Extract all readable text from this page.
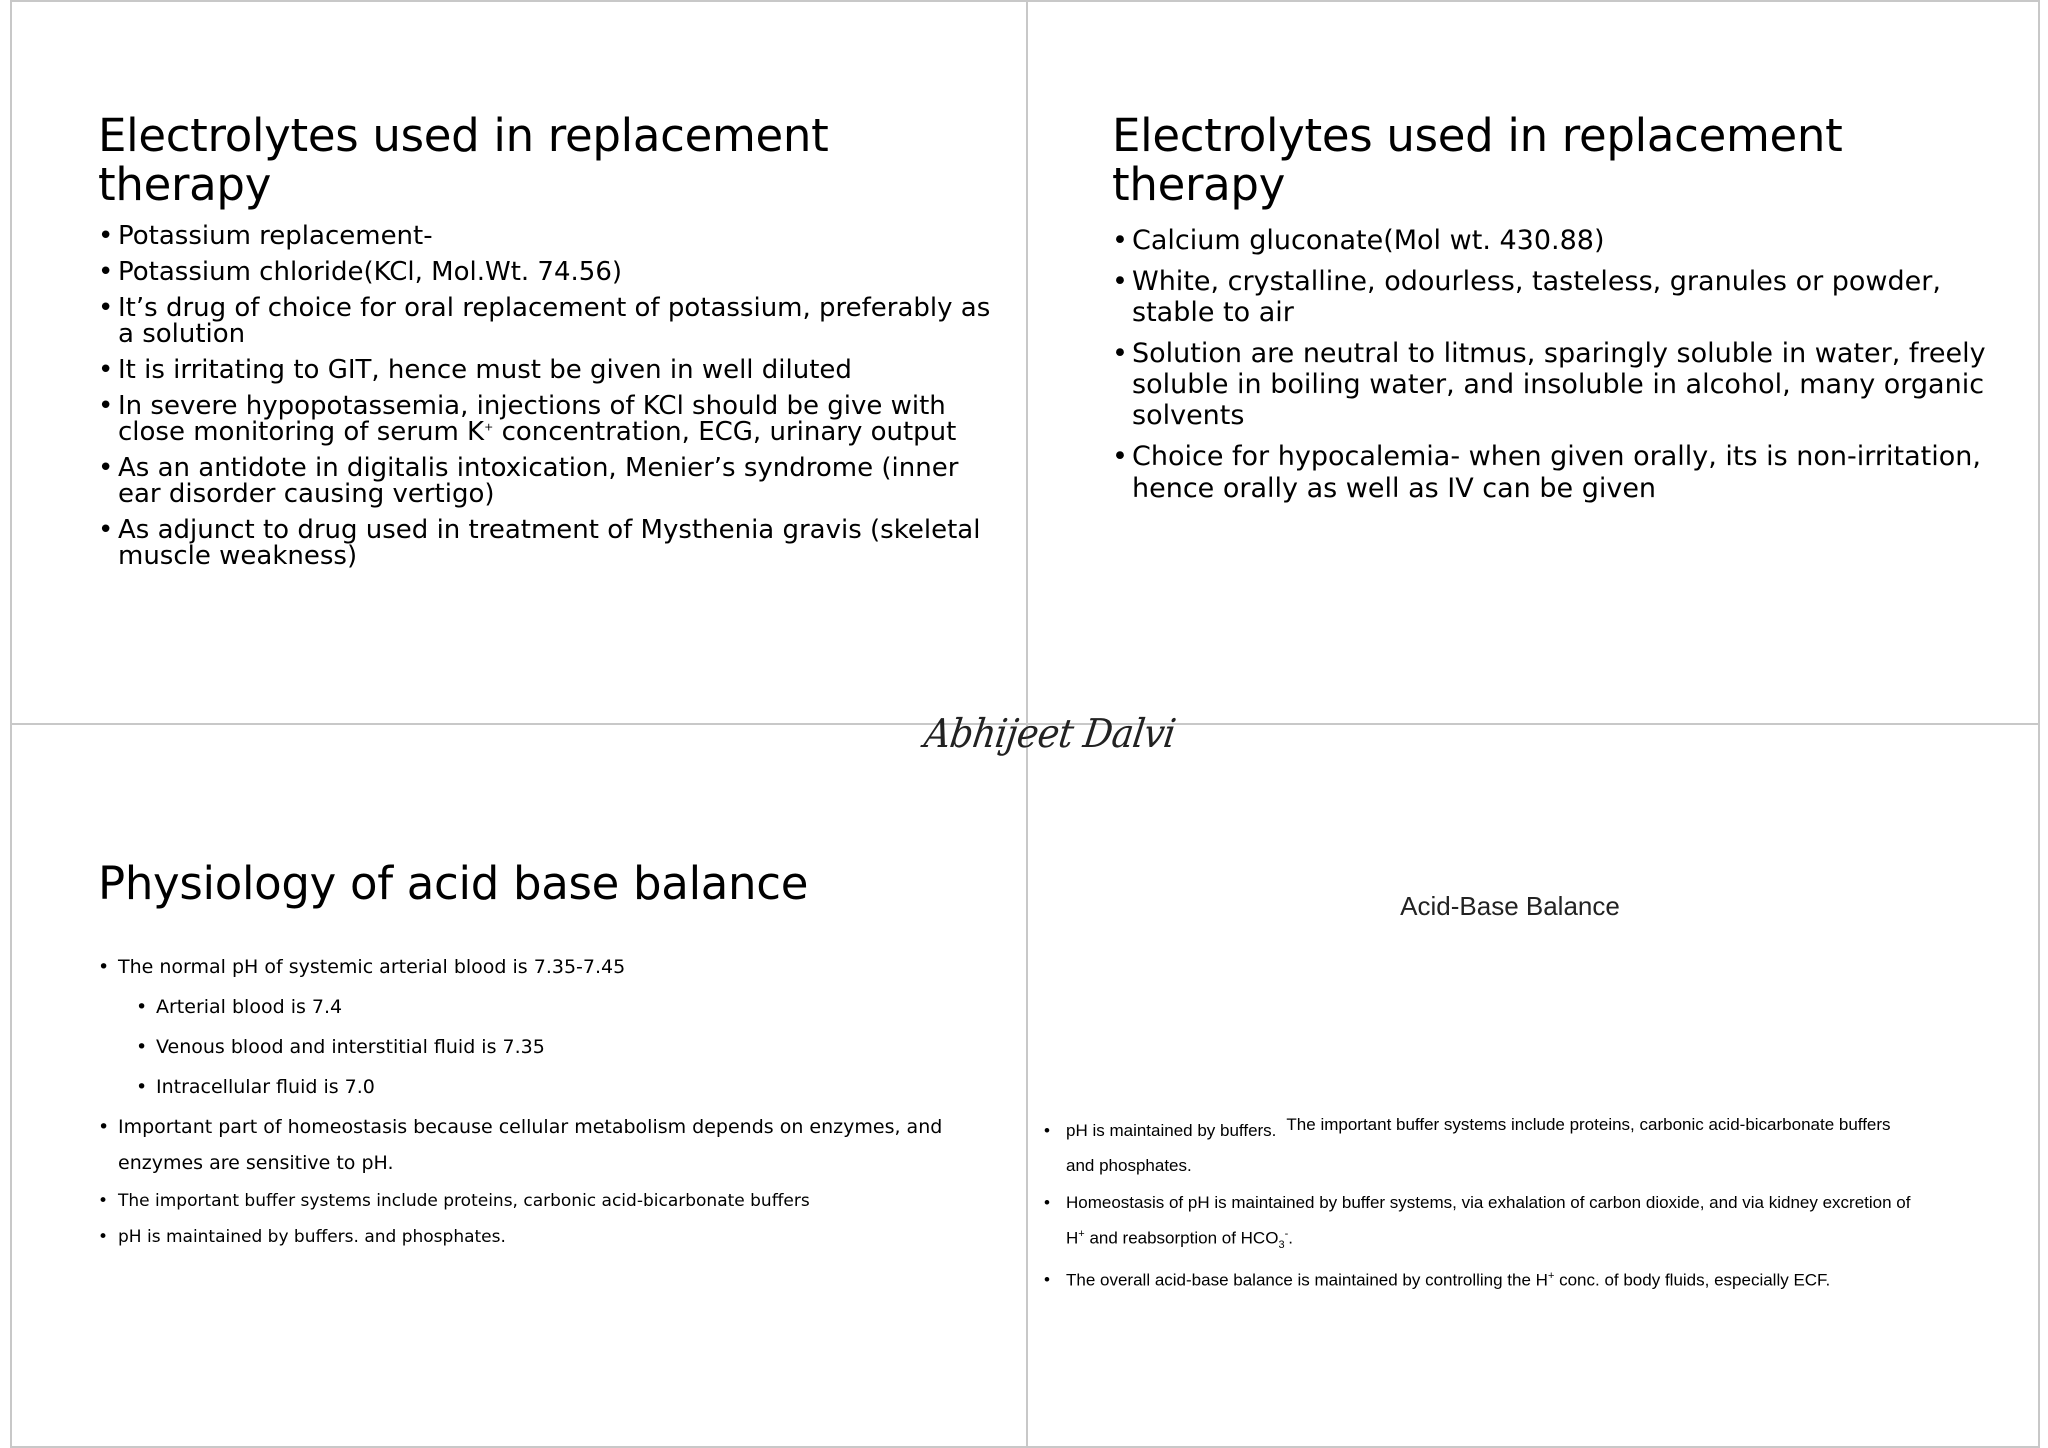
Electrolytes used in replacement therapy
• Potassium replacement-
• Potassium chloride(KCl, Mol.Wt. 74.56)
• It’s drug of choice for oral replacement of potassium, preferably as a solution
• It is irritating to GIT, hence must be given in well diluted
• In severe hypopotassemia, injections of KCl should be give with close monitoring of serum K+ concentration, ECG, urinary output
• As an antidote in digitalis intoxication, Menier’s syndrome (inner ear disorder causing vertigo)
• As adjunct to drug used in treatment of Mysthenia gravis (skeletal muscle weakness)
Electrolytes used in replacement therapy
• Calcium gluconate(Mol wt. 430.88)
• White, crystalline, odourless, tasteless, granules or powder, stable to air
• Solution are neutral to litmus, sparingly soluble in water, freely soluble in boiling water, and insoluble in alcohol, many organic solvents
• Choice for hypocalemia- when given orally, its is non-irritation, hence orally as well as IV can be given
Abhijeet Dalvi
Physiology of acid base balance
• The normal pH of systemic arterial blood is 7.35-7.45
• Arterial blood is 7.4
• Venous blood and interstitial fluid is 7.35
• Intracellular fluid is 7.0
• Important part of homeostasis because cellular metabolism depends on enzymes, and enzymes are sensitive to pH.
• The important buffer systems include proteins, carbonic acid-bicarbonate buffers
• pH is maintained by buffers. and phosphates.
Acid-Base Balance
• pH is maintained by buffers. The important buffer systems include proteins, carbonic acid-bicarbonate buffers
and phosphates.
• Homeostasis of pH is maintained by buffer systems, via exhalation of carbon dioxide, and via kidney excretion of
H+ and reabsorption of $HCO_3^-$.
• The overall acid-base balance is maintained by controlling the H+ conc. of body fluids, especially ECF.
